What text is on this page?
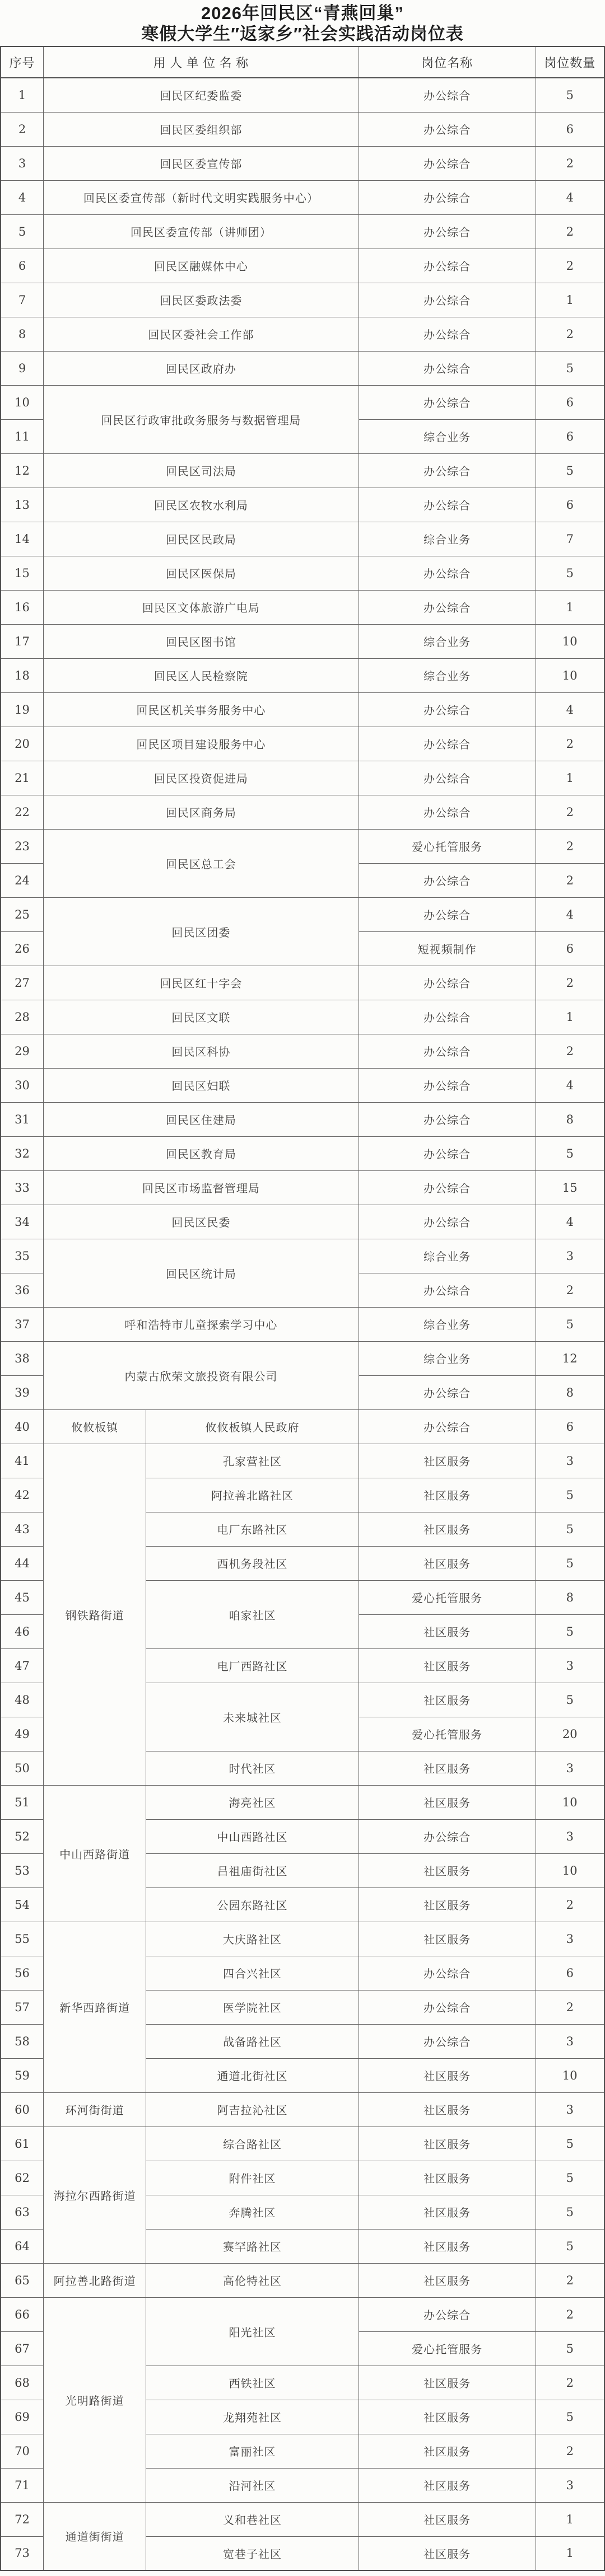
2026年回民区“青燕回巢”
寒假大学生″返家乡″社会实践活动岗位表
序号	用 人 单 位 名 称		岗位名称	岗位数量
1	回民区纪委监委		办公综合	5
2	回民区委组织部		办公综合	6
3	回民区委宣传部		办公综合	2
4	回民区委宣传部（新时代文明实践服务中心）		办公综合	4
5	回民区委宣传部（讲师团）		办公综合	2
6	回民区融媒体中心		办公综合	2
7	回民区委政法委		办公综合	1
8	回民区委社会工作部		办公综合	2
9	回民区政府办		办公综合	5
10	回民区行政审批政务服务与数据管理局		办公综合	6
11			综合业务	6
12	回民区司法局		办公综合	5
13	回民区农牧水利局		办公综合	6
14	回民区民政局		综合业务	7
15	回民区医保局		办公综合	5
16	回民区文体旅游广电局		办公综合	1
17	回民区图书馆		综合业务	10
18	回民区人民检察院		综合业务	10
19	回民区机关事务服务中心		办公综合	4
20	回民区项目建设服务中心		办公综合	2
21	回民区投资促进局		办公综合	1
22	回民区商务局		办公综合	2
23	回民区总工会		爱心托管服务	2
24			办公综合	2
25	回民区团委		办公综合	4
26			短视频制作	6
27	回民区红十字会		办公综合	2
28	回民区文联		办公综合	1
29	回民区科协		办公综合	2
30	回民区妇联		办公综合	4
31	回民区住建局		办公综合	8
32	回民区教育局		办公综合	5
33	回民区市场监督管理局		办公综合	15
34	回民区民委		办公综合	4
35	回民区统计局		综合业务	3
36			办公综合	2
37	呼和浩特市儿童探索学习中心		综合业务	5
38	内蒙古欣荣文旅投资有限公司		综合业务	12
39			办公综合	8
40	攸攸板镇	攸攸板镇人民政府	办公综合	6
41	钢铁路街道	孔家营社区	社区服务	3
42		阿拉善北路社区	社区服务	5
43		电厂东路社区	社区服务	5
44		西机务段社区	社区服务	5
45		咱家社区	爱心托管服务	8
46			社区服务	5
47		电厂西路社区	社区服务	3
48		未来城社区	社区服务	5
49			爱心托管服务	20
50		时代社区	社区服务	3
51	中山西路街道	海亮社区	社区服务	10
52		中山西路社区	办公综合	3
53		吕祖庙街社区	社区服务	10
54		公园东路社区	社区服务	2
55	新华西路街道	大庆路社区	社区服务	3
56		四合兴社区	办公综合	6
57		医学院社区	办公综合	2
58		战备路社区	办公综合	3
59		通道北街社区	社区服务	10
60	环河街街道	阿吉拉沁社区	社区服务	3
61	海拉尔西路街道	综合路社区	社区服务	5
62		附件社区	社区服务	5
63		奔腾社区	社区服务	5
64		赛罕路社区	社区服务	5
65	阿拉善北路街道	高伦特社区	社区服务	2
66	光明路街道	阳光社区	办公综合	2
67			爱心托管服务	5
68		西铁社区	社区服务	2
69		龙翔苑社区	社区服务	5
70		富丽社区	社区服务	2
71		沿河社区	社区服务	3
72	通道街街道	义和巷社区	社区服务	1
73		宽巷子社区	社区服务	1
